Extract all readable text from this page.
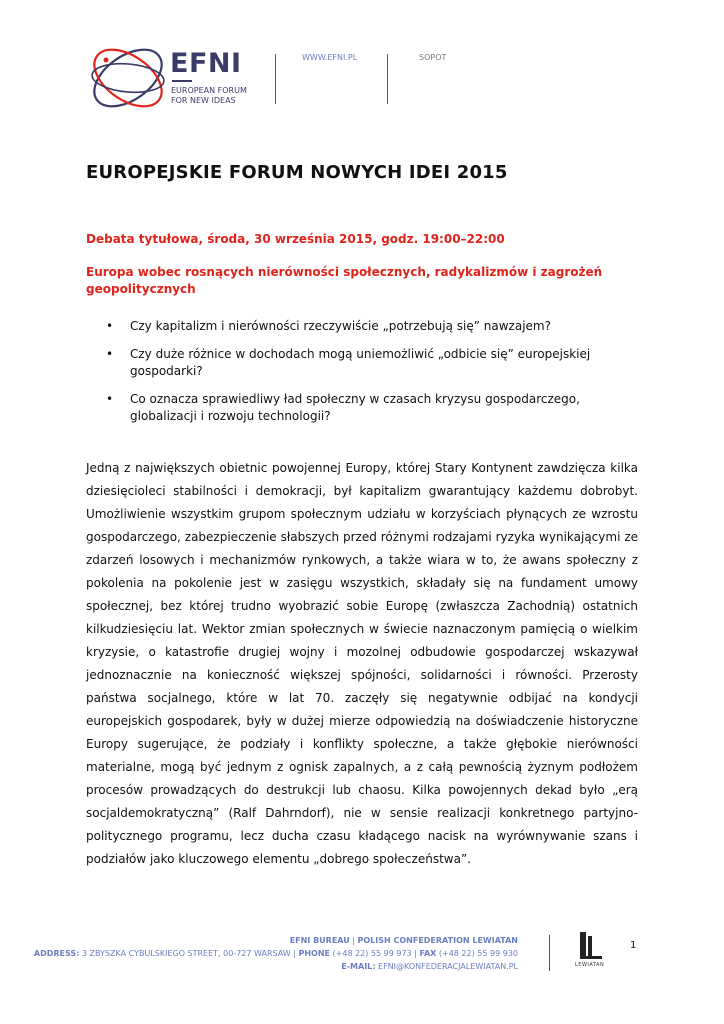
EFNI
EUROPEAN FORUM
FOR NEW IDEAS
WWW.EFNI.PL	SOPOT
EUROPEJSKIE FORUM NOWYCH IDEI 2015
Debata tytułowa, środa, 30 września 2015, godz. 19:00–22:00
Europa wobec rosnących nierówności społecznych, radykalizmów i zagrożeń geopolitycznych
• Czy kapitalizm i nierówności rzeczywiście „potrzebują się” nawzajem?
• Czy duże różnice w dochodach mogą uniemożliwić „odbicie się” europejskiej gospodarki?
• Co oznacza sprawiedliwy ład społeczny w czasach kryzysu gospodarczego, globalizacji i rozwoju technologii?

Jedną z największych obietnic powojennej Europy, której Stary Kontynent zawdzięcza kilka dziesięcioleci stabilności i demokracji, był kapitalizm gwarantujący każdemu dobrobyt. Umożliwienie wszystkim grupom społecznym udziału w korzyściach płynących ze wzrostu gospodarczego, zabezpieczenie słabszych przed różnymi rodzajami ryzyka wynikającymi ze zdarzeń losowych i mechanizmów rynkowych, a także wiara w to, że awans społeczny z pokolenia na pokolenie jest w zasięgu wszystkich, składały się na fundament umowy społecznej, bez której trudno wyobrazić sobie Europę (zwłaszcza Zachodnią) ostatnich kilkudziesięciu lat. Wektor zmian społecznych w świecie naznaczonym pamięcią o wielkim kryzysie, o katastrofie drugiej wojny i mozolnej odbudowie gospodarczej wskazywał jednoznacznie na konieczność większej spójności, solidarności i równości. Przerosty państwa socjalnego, które w lat 70. zaczęły się negatywnie odbijać na kondycji europejskich gospodarek, były w dużej mierze odpowiedzią na doświadczenie historyczne Europy sugerujące, że podziały i konflikty społeczne, a także głębokie nierówności materialne, mogą być jednym z ognisk zapalnych, a z całą pewnością żyznym podłożem procesów prowadzących do destrukcji lub chaosu. Kilka powojennych dekad było „erą socjaldemokratyczną” (Ralf Dahrndorf), nie w sensie realizacji konkretnego partyjno-politycznego programu, lecz ducha czasu kładącego nacisk na wyrównywanie szans i podziałów jako kluczowego elementu „dobrego społeczeństwa”.

EFNI BUREAU | POLISH CONFEDERATION LEWIATAN
ADDRESS: 3 ZBYSZKA CYBULSKIEGO STREET, 00-727 WARSAW | PHONE (+48 22) 55 99 973 | FAX (+48 22) 55 99 930
E-MAIL: EFNI@KONFEDERACJALEWIATAN.PL	LEWIATAN
1
